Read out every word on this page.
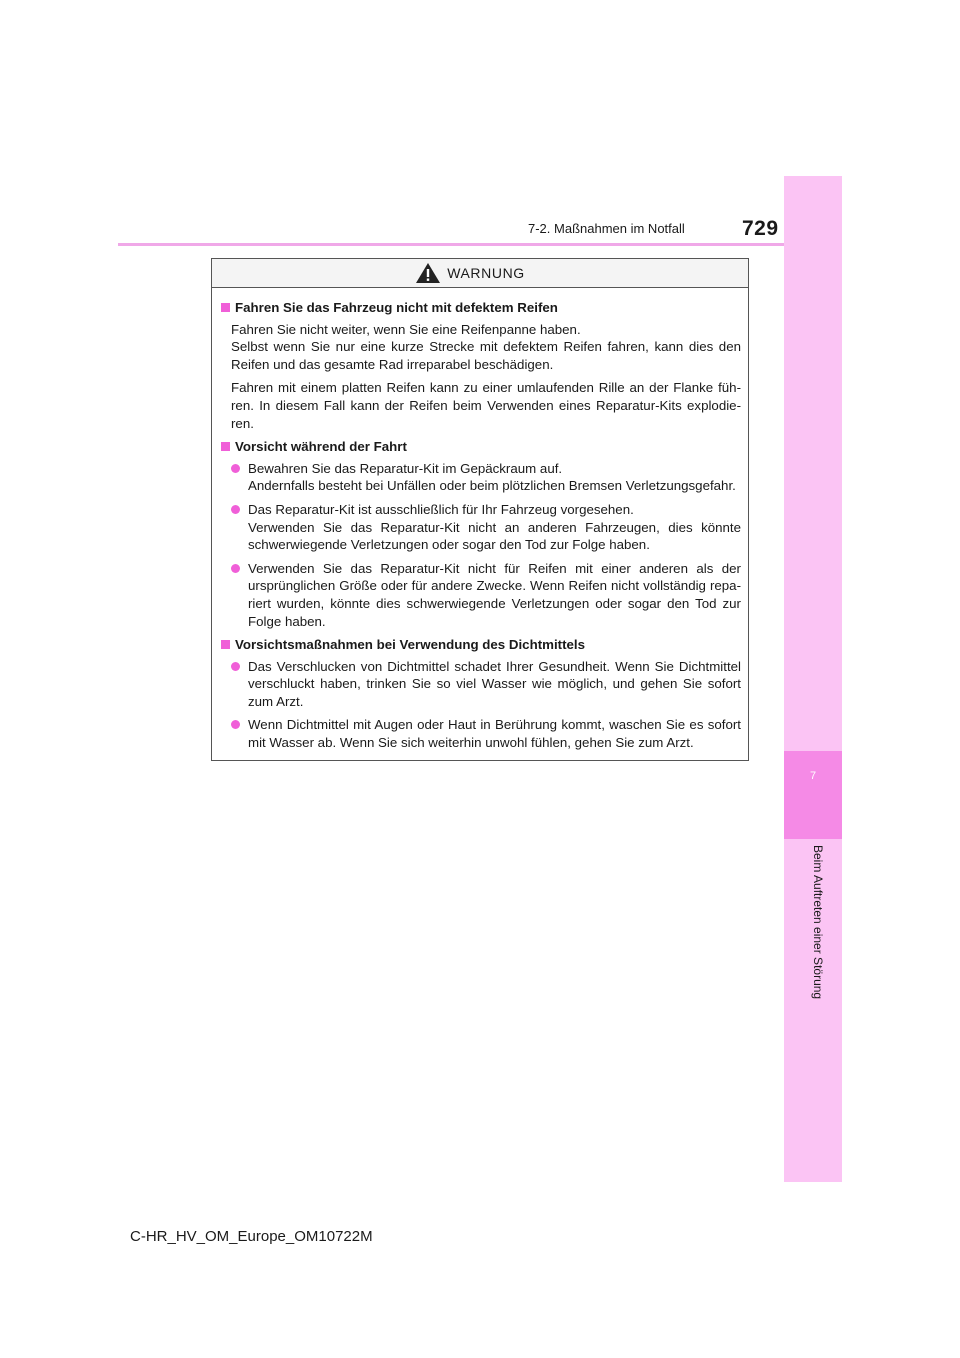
7-2. Maßnahmen im Notfall	729
7
Beim Auftreten einer Störung
WARNUNG
Fahren Sie das Fahrzeug nicht mit defektem Reifen
Fahren Sie nicht weiter, wenn Sie eine Reifenpanne haben.
Selbst wenn Sie nur eine kurze Strecke mit defektem Reifen fahren, kann dies den
Reifen und das gesamte Rad irreparabel beschädigen.
Fahren mit einem platten Reifen kann zu einer umlaufenden Rille an der Flanke füh-
ren. In diesem Fall kann der Reifen beim Verwenden eines Reparatur-Kits explodie-
ren.
Vorsicht während der Fahrt
Bewahren Sie das Reparatur-Kit im Gepäckraum auf.
Andernfalls besteht bei Unfällen oder beim plötzlichen Bremsen Verletzungsgefahr.
Das Reparatur-Kit ist ausschließlich für Ihr Fahrzeug vorgesehen.
Verwenden Sie das Reparatur-Kit nicht an anderen Fahrzeugen, dies könnte
schwerwiegende Verletzungen oder sogar den Tod zur Folge haben.
Verwenden Sie das Reparatur-Kit nicht für Reifen mit einer anderen als der
ursprünglichen Größe oder für andere Zwecke. Wenn Reifen nicht vollständig repa-
riert wurden, könnte dies schwerwiegende Verletzungen oder sogar den Tod zur
Folge haben.
Vorsichtsmaßnahmen bei Verwendung des Dichtmittels
Das Verschlucken von Dichtmittel schadet Ihrer Gesundheit. Wenn Sie Dichtmittel
verschluckt haben, trinken Sie so viel Wasser wie möglich, und gehen Sie sofort
zum Arzt.
Wenn Dichtmittel mit Augen oder Haut in Berührung kommt, waschen Sie es sofort
mit Wasser ab. Wenn Sie sich weiterhin unwohl fühlen, gehen Sie zum Arzt.
C-HR_HV_OM_Europe_OM10722M
